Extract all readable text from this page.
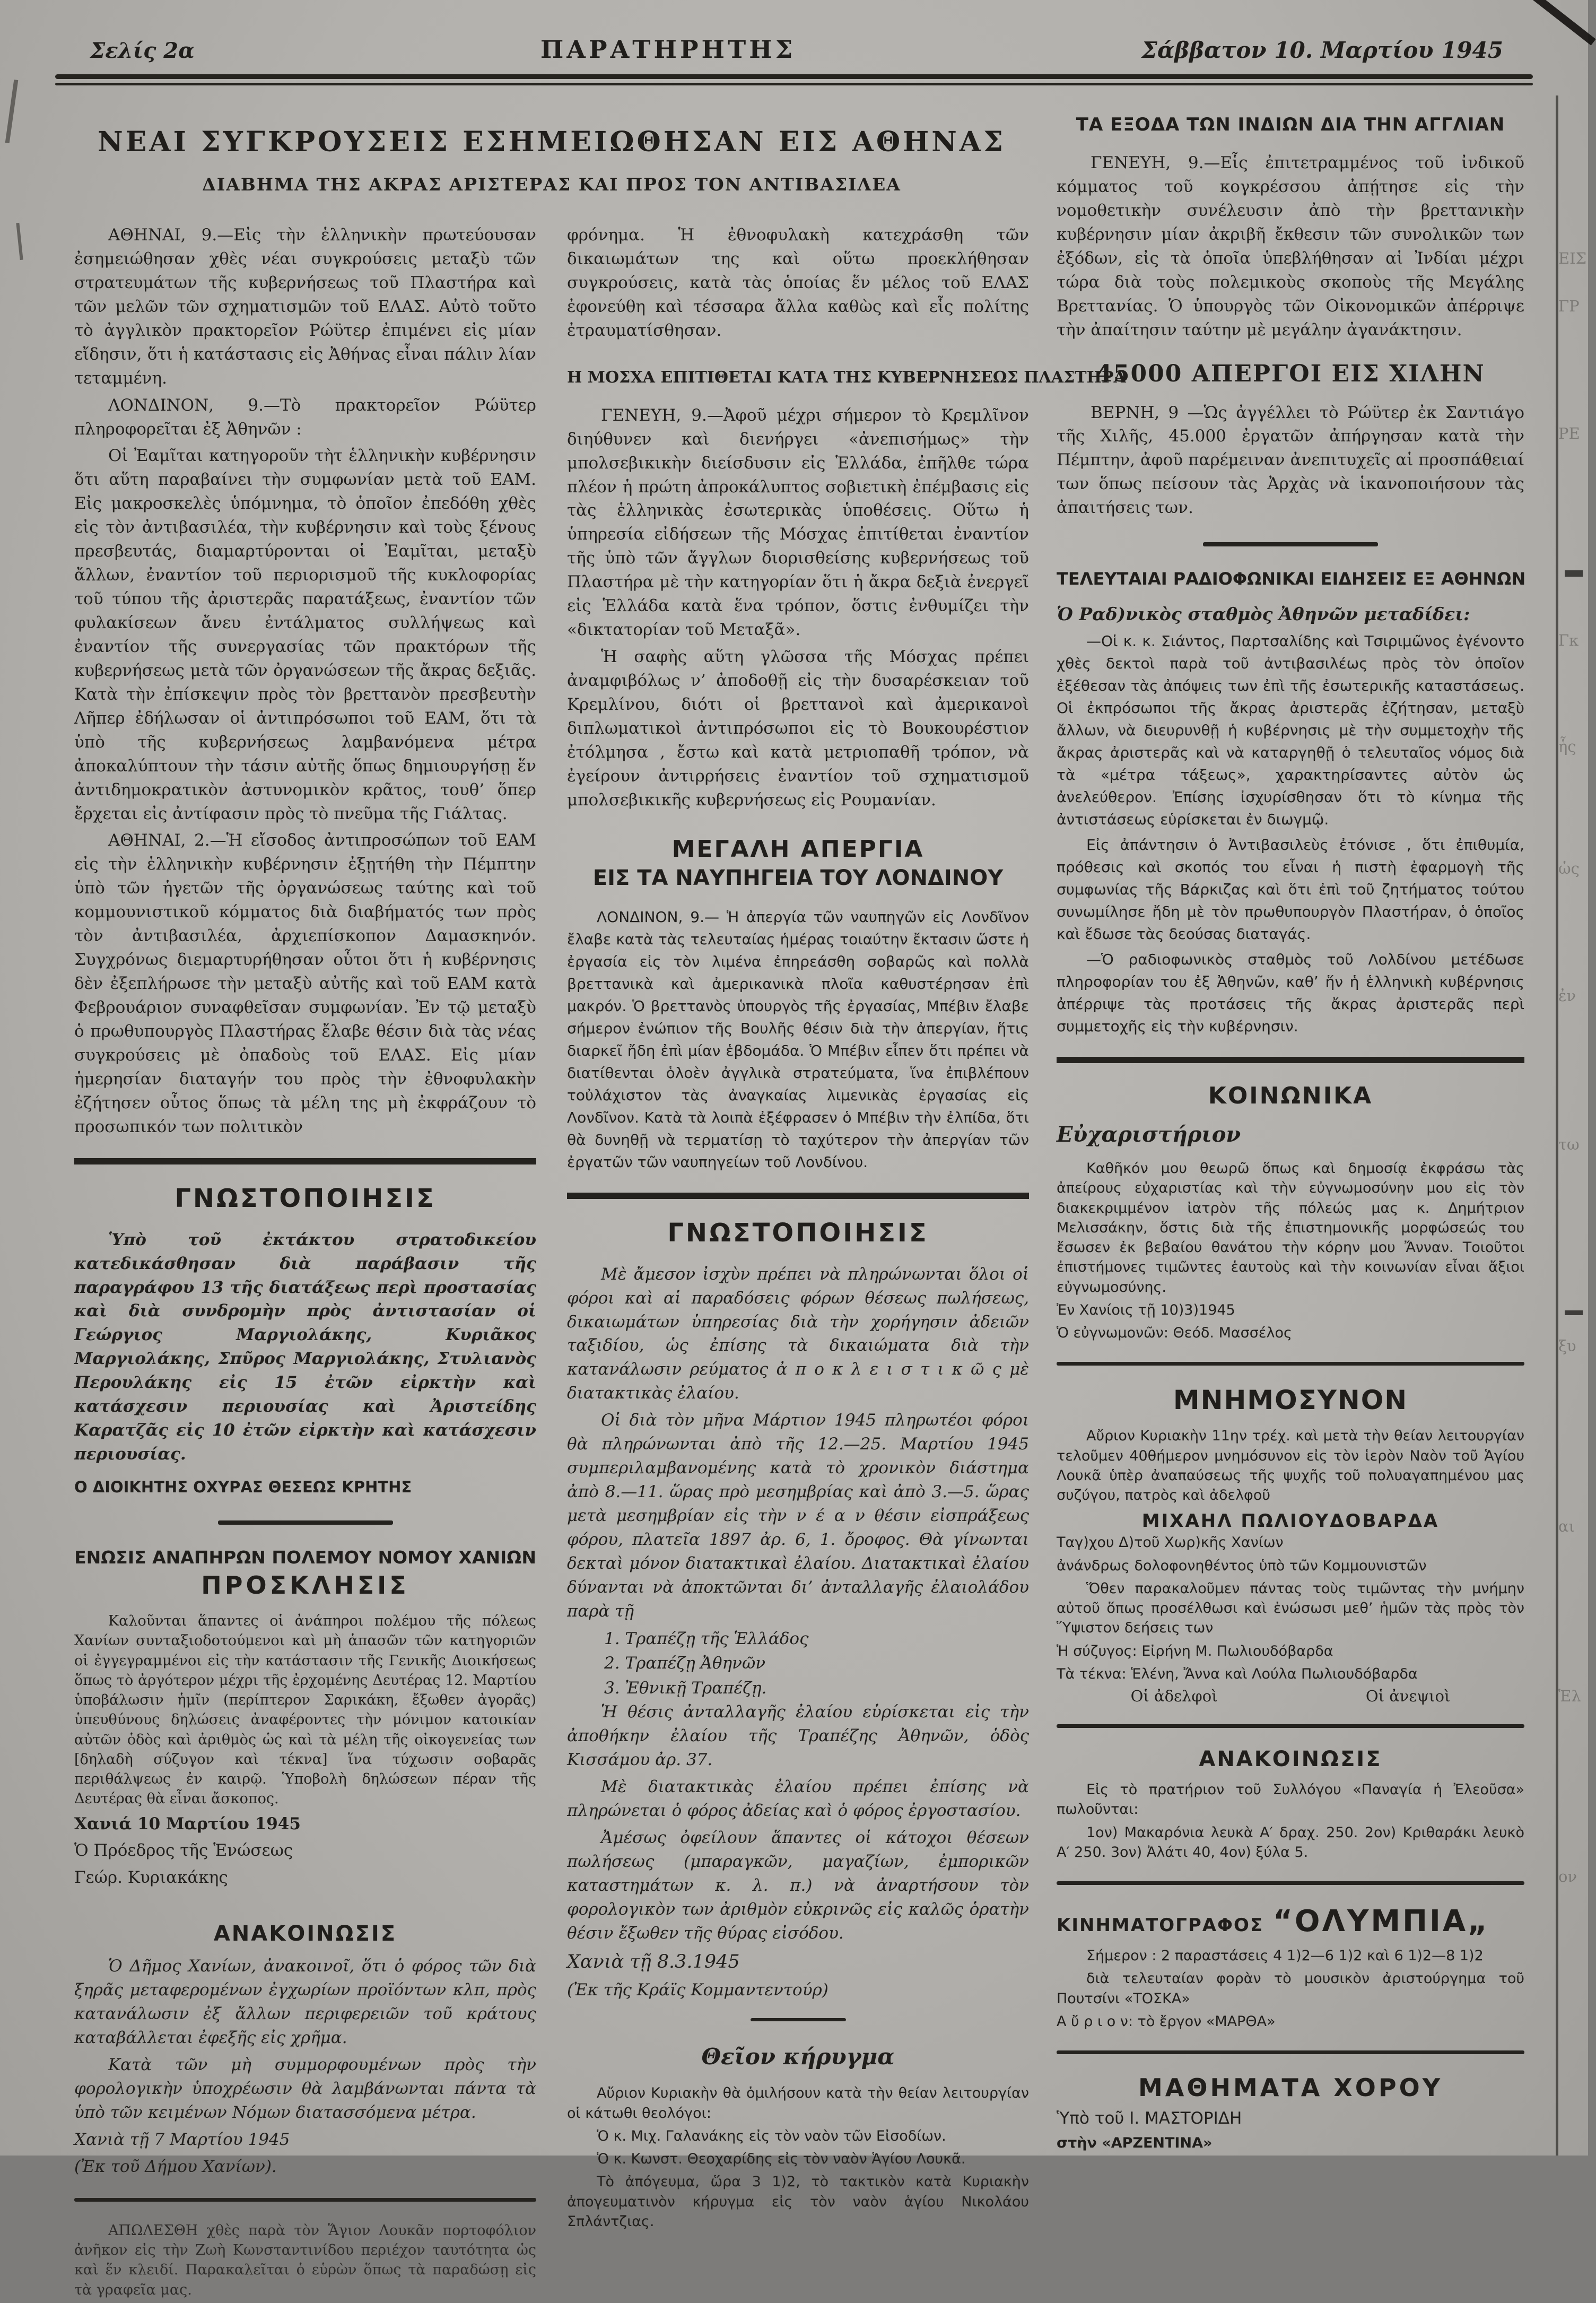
Σελίς 2α	ΠΑΡΑΤΗΡΗΤΗΣ	Σάββατον 10. Μαρτίου 1945
ΝΕΑΙ ΣΥΓΚΡΟΥΣΕΙΣ ΕΣΗΜΕΙΩΘΗΣΑΝ ΕΙΣ ΑΘΗΝΑΣ
ΔΙΑΒΗΜΑ ΤΗΣ ΑΚΡΑΣ ΑΡΙΣΤΕΡΑΣ ΚΑΙ ΠΡΟΣ ΤΟΝ ΑΝΤΙΒΑΣΙΛΕΑ

ΑΘΗΝΑΙ, 9.—Εἰς τὴν ἑλληνικὴν πρωτεύουσαν ἐσημειώθησαν χθὲς νέαι συγκρούσεις μεταξὺ τῶν στρατευμάτων τῆς κυβερνήσεως τοῦ Πλαστήρα καὶ τῶν μελῶν τῶν σχηματισμῶν τοῦ ΕΛΑΣ. Αὐτὸ τοῦτο τὸ ἀγγλικὸν πρακτορεῖον Ρώϋτερ ἐπιμένει εἰς μίαν εἴδησιν, ὅτι ἡ κατάστασις εἰς Ἀθήνας εἶναι πάλιν λίαν τεταμμένη.

ΛΟΝΔΙΝΟΝ, 9.—Τὸ πρακτορεῖον Ρώϋτερ πληροφορεῖται ἐξ Ἀθηνῶν :

Οἱ Ἐαμῖται κατηγοροῦν τὴτ ἑλληνικὴν κυβέρνησιν ὅτι αὕτη παραβαίνει τὴν συμφωνίαν μετὰ τοῦ ΕΑΜ. Εἰς μακροσκελὲς ὑπόμνημα, τὸ ὁποῖον ἐπεδόθη χθὲς εἰς τὸν ἀντιβασιλέα, τὴν κυβέρνησιν καὶ τοὺς ξένους πρεσβευτάς, διαμαρτύρονται οἱ Ἐαμῖται, μεταξὺ ἄλλων, ἐναντίον τοῦ περιορισμοῦ τῆς κυκλοφορίας τοῦ τύπου τῆς ἀριστερᾶς παρατάξεως, ἐναντίον τῶν φυλακίσεων ἄνευ ἐντάλματος συλλήψεως καὶ ἐναντίον τῆς συνεργασίας τῶν πρακτόρων τῆς κυβερνήσεως μετὰ τῶν ὀργανώσεων τῆς ἄκρας δεξιᾶς. Κατὰ τὴν ἐπίσκεψιν πρὸς τὸν βρεττανὸν πρεσβευτὴν Λῆπερ ἐδήλωσαν οἱ ἀντιπρόσωποι τοῦ ΕΑΜ, ὅτι τὰ ὑπὸ τῆς κυβερνήσεως λαμβανόμενα μέτρα ἀποκαλύπτουν τὴν τάσιν αὐτῆς ὅπως δημιουργήσῃ ἕν ἀντιδημοκρατικὸν ἀστυνομικὸν κρᾶτος, τουθ’ ὅπερ ἔρχεται εἰς ἀντίφασιν πρὸς τὸ πνεῦμα τῆς Γιάλτας.

ΑΘΗΝΑΙ, 2.—Ἡ εἴσοδος ἀντιπροσώπων τοῦ ΕΑΜ εἰς τὴν ἑλληνικὴν κυβέρνησιν ἐξῃτήθη τὴν Πέμπτην ὑπὸ τῶν ἡγετῶν τῆς ὀργανώσεως ταύτης καὶ τοῦ κομμουνιστικοῦ κόμματος διὰ διαβήματός των πρὸς τὸν ἀντιβασιλέα, ἀρχιεπίσκοπον Δαμασκηνόν. Συγχρόνως διεμαρτυρήθησαν οὗτοι ὅτι ἡ κυβέρνησις δὲν ἐξεπλήρωσε τὴν μεταξὺ αὐτῆς καὶ τοῦ ΕΑΜ κατὰ Φεβρουάριον συναφθεῖσαν συμφωνίαν. Ἐν τῷ μεταξὺ ὁ πρωθυπουργὸς Πλαστήρας ἔλαβε θέσιν διὰ τὰς νέας συγκρούσεις μὲ ὀπαδοὺς τοῦ ΕΛΑΣ. Εἰς μίαν ἡμερησίαν διαταγήν του πρὸς τὴν ἐθνοφυλακὴν ἐζήτησεν οὗτος ὅπως τὰ μέλη της μὴ ἐκφράζουν τὸ προσωπικόν των πολιτικὸν

ΓΝΩΣΤΟΠΟΙΗΣΙΣ

Ὑπὸ τοῦ ἐκτάκτου στρατοδικείου κατεδικάσθησαν διὰ παράβασιν τῆς παραγράφου 13 τῆς διατάξεως περὶ προστασίας καὶ διὰ συνδρομὴν πρὸς ἀντιστασίαν οἱ Γεώργιος Μαργιολάκης, Κυριᾶκος Μαργιολάκης, Σπῦρος Μαργιολάκης, Στυλιανὸς Περουλάκης εἰς 15 ἐτῶν εἰρκτὴν καὶ κατάσχεσιν περιουσίας καὶ Ἀριστείδης Καρατζᾶς εἰς 10 ἐτῶν εἰρκτὴν καὶ κατάσχεσιν περιουσίας.

Ο ΔΙΟΙΚΗΤΗΣ ΟΧΥΡΑΣ ΘΕΣΕΩΣ ΚΡΗΤΗΣ

ΕΝΩΣΙΣ ΑΝΑΠΗΡΩΝ ΠΟΛΕΜΟΥ ΝΟΜΟΥ ΧΑΝΙΩΝ
ΠΡΟΣΚΛΗΣΙΣ

Καλοῦνται ἅπαντες οἱ ἀνάπηροι πολέμου τῆς πόλεως Χανίων συνταξιοδοτούμενοι καὶ μὴ ἁπασῶν τῶν κατηγοριῶν οἱ ἐγγεγραμμένοι εἰς τὴν κατάστασιν τῆς Γενικῆς Διοικήσεως ὅπως τὸ ἀργότερον μέχρι τῆς ἐρχομένης Δευτέρας 12. Μαρτίου ὑποβάλωσιν ἡμῖν (περίπτερον Σαρικάκη, ἔξωθεν ἀγορᾶς) ὑπευθύνους δηλώσεις ἀναφέροντες τὴν μόνιμον κατοικίαν αὐτῶν ὁδὸς καὶ ἀριθμὸς ὡς καὶ τὰ μέλη τῆς οἰκογενείας των [δηλαδὴ σύζυγον καὶ τέκνα] ἵνα τύχωσιν σοβαρᾶς περιθάλψεως ἐν καιρῷ. Ὑποβολὴ δηλώσεων πέραν τῆς Δευτέρας θὰ εἶναι ἄσκοπος.

Χανιά 10 Μαρτίου 1945

Ὁ Πρόεδρος τῆς Ἑνώσεως

Γεώρ. Κυριακάκης

ΑΝΑΚΟΙΝΩΣΙΣ

Ὁ Δῆμος Χανίων, ἀνακοινοῖ, ὅτι ὁ φόρος τῶν διὰ ξηρᾶς μεταφερομένων ἐγχωρίων προϊόντων κλπ, πρὸς κατανάλωσιν ἐξ ἄλλων περιφερειῶν τοῦ κράτους καταβάλλεται ἐφεξῆς εἰς χρῆμα.

Κατὰ τῶν μὴ συμμορφουμένων πρὸς τὴν φορολογικὴν ὑποχρέωσιν θὰ λαμβάνωνται πάντα τὰ ὑπὸ τῶν κειμένων Νόμων διατασσόμενα μέτρα.

Χανιὰ τῇ 7 Μαρτίου 1945

(Ἐκ τοῦ Δήμου Χανίων).

ΑΠΩΛΕΣΘΗ χθὲς παρὰ τὸν Ἅγιον Λουκᾶν πορτοφόλιον ἀνῆκον εἰς τὴν Ζωὴ Κωνσταντινίδου περιέχον ταυτότητα ὡς καὶ ἕν κλειδί. Παρακαλεῖται ὁ εὑρὼν ὅπως τὰ παραδώσῃ εἰς τὰ γραφεῖα μας.

φρόνημα. Ἡ ἐθνοφυλακὴ κατεχράσθη τῶν δικαιωμάτων της καὶ οὕτω προεκλήθησαν συγκρούσεις, κατὰ τὰς ὁποίας ἕν μέλος τοῦ ΕΛΑΣ ἐφονεύθη καὶ τέσσαρα ἄλλα καθὼς καὶ εἷς πολίτης ἐτραυματίσθησαν.

Η ΜΟΣΧΑ ΕΠΙΤΙΘΕΤΑΙ ΚΑΤΑ ΤΗΣ ΚΥΒΕΡΝΗΣΕΩΣ ΠΛΑΣΤΗΡΑ

ΓΕΝΕΥΗ, 9.—Ἀφοῦ μέχρι σήμερον τὸ Κρεμλῖνον διηύθυνεν καὶ διενήργει «ἀνεπισήμως» τὴν μπολσεβικικὴν διείσδυσιν εἰς Ἑλλάδα, ἐπῆλθε τώρα πλέον ἡ πρώτη ἀπροκάλυπτος σοβιετικὴ ἐπέμβασις εἰς τὰς ἑλληνικὰς ἐσωτερικὰς ὑποθέσεις. Οὕτω ἡ ὑπηρεσία εἰδήσεων τῆς Μόσχας ἐπιτίθεται ἐναντίον τῆς ὑπὸ τῶν ἄγγλων διορισθείσης κυβερνήσεως τοῦ Πλαστήρα μὲ τὴν κατηγορίαν ὅτι ἡ ἄκρα δεξιὰ ἐνεργεῖ εἰς Ἑλλάδα κατὰ ἕνα τρόπον, ὅστις ἐνθυμίζει τὴν «δικτατορίαν τοῦ Μεταξᾶ».

Ἡ σαφὴς αὕτη γλῶσσα τῆς Μόσχας πρέπει ἀναμφιβόλως ν’ ἀποδοθῇ εἰς τὴν δυσαρέσκειαν τοῦ Κρεμλίνου, διότι οἱ βρεττανοὶ καὶ ἀμερικανοὶ διπλωματικοὶ ἀντιπρόσωποι εἰς τὸ Βουκουρέστιον ἐτόλμησα , ἔστω καὶ κατὰ μετριοπαθῆ τρόπον, νὰ ἐγείρουν ἀντιρρήσεις ἐναντίον τοῦ σχηματισμοῦ μπολσεβικικῆς κυβερνήσεως εἰς Ρουμανίαν.

ΜΕΓΑΛΗ ΑΠΕΡΓΙΑ
ΕΙΣ ΤΑ ΝΑΥΠΗΓΕΙΑ ΤΟΥ ΛΟΝΔΙΝΟΥ

ΛΟΝΔΙΝΟΝ, 9.— Ἡ ἀπεργία τῶν ναυπηγῶν εἰς Λονδῖνον ἔλαβε κατὰ τὰς τελευταίας ἡμέρας τοιαύτην ἔκτασιν ὥστε ἡ ἐργασία εἰς τὸν λιμένα ἐπηρεάσθη σοβαρῶς καὶ πολλὰ βρεττανικὰ καὶ ἀμερικανικὰ πλοῖα καθυστέρησαν ἐπὶ μακρόν. Ὁ βρεττανὸς ὑπουργὸς τῆς ἐργασίας, Μπέβιν ἔλαβε σήμερον ἐνώπιον τῆς Βουλῆς θέσιν διὰ τὴν ἀπεργίαν, ἥτις διαρκεῖ ἤδη ἐπὶ μίαν ἑβδομάδα. Ὁ Μπέβιν εἶπεν ὅτι πρέπει νὰ διατίθενται ὁλοὲν ἀγγλικὰ στρατεύματα, ἵνα ἐπιβλέπουν τοὐλάχιστον τὰς ἀναγκαίας λιμενικὰς ἐργασίας εἰς Λονδῖνον. Κατὰ τὰ λοιπὰ ἐξέφρασεν ὁ Μπέβιν τὴν ἐλπίδα, ὅτι θὰ δυνηθῇ νὰ τερματίσῃ τὸ ταχύτερον τὴν ἀπεργίαν τῶν ἐργατῶν τῶν ναυπηγείων τοῦ Λονδίνου.

ΓΝΩΣΤΟΠΟΙΗΣΙΣ

Μὲ ἄμεσον ἰσχὺν πρέπει νὰ πληρώνωνται ὅλοι οἱ φόροι καὶ αἱ παραδόσεις φόρων θέσεως πωλήσεως, δικαιωμάτων ὑπηρεσίας διὰ τὴν χορήγησιν ἀδειῶν ταξιδίου, ὡς ἐπίσης τὰ δικαιώματα διὰ τὴν κατανάλωσιν ρεύματος ἀ π ο κ λ ε ι σ τ ι κ ῶ ς μὲ διατακτικὰς ἐλαίου.

Οἱ διὰ τὸν μῆνα Μάρτιον 1945 πληρωτέοι φόροι θὰ πληρώνωνται ἀπὸ τῆς 12.—25. Μαρτίου 1945 συμπεριλαμβανομένης κατὰ τὸ χρονικὸν διάστημα ἀπὸ 8.—11. ὥρας πρὸ μεσημβρίας καὶ ἀπὸ 3.—5. ὥρας μετὰ μεσημβρίαν εἰς τὴν ν έ α ν θέσιν εἰσπράξεως φόρου, πλατεῖα 1897 ἀρ. 6, 1. ὄροφος. Θὰ γίνωνται δεκταὶ μόνον διατακτικαὶ ἐλαίου. Διατακτικαὶ ἐλαίου δύνανται νὰ ἀποκτῶνται δι’ ἀνταλλαγῆς ἐλαιολάδου παρὰ τῇ

1. Τραπέζῃ τῆς Ἑλλάδος

2. Τραπέζῃ Ἀθηνῶν

3. Ἐθνικῇ Τραπέζῃ.

Ἡ θέσις ἀνταλλαγῆς ἐλαίου εὑρίσκεται εἰς τὴν ἀποθήκην ἐλαίου τῆς Τραπέζης Ἀθηνῶν, ὁδὸς Κισσάμου ἀρ. 37.

Μὲ διατακτικὰς ἐλαίου πρέπει ἐπίσης νὰ πληρώνεται ὁ φόρος ἀδείας καὶ ὁ φόρος ἐργοστασίου.

Ἀμέσως ὀφείλουν ἅπαντες οἱ κάτοχοι θέσεων πωλήσεως (μπαραγκῶν, μαγαζίων, ἐμπορικῶν καταστημάτων κ. λ. π.) νὰ ἀναρτήσουν τὸν φορολογικὸν των ἀριθμὸν εὐκρινῶς εἰς καλῶς ὁρατὴν θέσιν ἔξωθεν τῆς θύρας εἰσόδου.

Χανιὰ τῇ 8.3.1945

(Ἐκ τῆς Κράϊς Κομμαντεντούρ)

Θεῖον κήρυγμα

Αὔριον Κυριακὴν θὰ ὁμιλήσουν κατὰ τὴν θείαν λειτουργίαν οἱ κάτωθι θεολόγοι:

Ὁ κ. Μιχ. Γαλανάκης εἰς τὸν ναὸν τῶν Εἰσοδίων.

Ὁ κ. Κωνστ. Θεοχαρίδης εἰς τὸν ναὸν Ἁγίου Λουκᾶ.

Τὸ ἀπόγευμα, ὥρα 3 1)2, τὸ τακτικὸν κατὰ Κυριακὴν ἀπογευματινὸν κήρυγμα εἰς τὸν ναὸν ἁγίου Νικολάου Σπλάντζιας.

ΤΑ ΕΞΟΔΑ ΤΩΝ ΙΝΔΙΩΝ ΔΙΑ ΤΗΝ ΑΓΓΛΙΑΝ

ΓΕΝΕΥΗ, 9.—Εἷς ἐπιτετραμμένος τοῦ ἰνδικοῦ κόμματος τοῦ κογκρέσσου ἀπῄτησε εἰς τὴν νομοθετικὴν συνέλευσιν ἀπὸ τὴν βρεττανικὴν κυβέρνησιν μίαν ἀκριβῆ ἔκθεσιν τῶν συνολικῶν των ἐξόδων, εἰς τὰ ὁποῖα ὑπεβλήθησαν αἱ Ἰνδίαι μέχρι τώρα διὰ τοὺς πολεμικοὺς σκοποὺς τῆς Μεγάλης Βρεττανίας. Ὁ ὑπουργὸς τῶν Οἰκονομικῶν ἀπέρριψε τὴν ἀπαίτησιν ταύτην μὲ μεγάλην ἀγανάκτησιν.

45000 ΑΠΕΡΓΟΙ ΕΙΣ ΧΙΛΗΝ

ΒΕΡΝΗ, 9 —Ὡς ἀγγέλλει τὸ Ρώϋτερ ἐκ Σαντιάγο τῆς Χιλῆς, 45.000 ἐργατῶν ἀπήργησαν κατὰ τὴν Πέμπτην, ἀφοῦ παρέμειναν ἀνεπιτυχεῖς αἱ προσπάθειαί των ὅπως πείσουν τὰς Ἀρχὰς νὰ ἱκανοποιήσουν τὰς ἀπαιτήσεις των.

ΤΕΛΕΥΤΑΙΑΙ ΡΑΔΙΟΦΩΝΙΚΑΙ ΕΙΔΗΣΕΙΣ ΕΞ ΑΘΗΝΩΝ

Ὁ Ραδ)νικὸς σταθμὸς Ἀθηνῶν μεταδίδει:

—Οἱ κ. κ. Σιάντος, Παρτσαλίδης καὶ Τσιριμῶνος ἐγένοντο χθὲς δεκτοὶ παρὰ τοῦ ἀντιβασιλέως πρὸς τὸν ὁποῖον ἐξέθεσαν τὰς ἀπόψεις των ἐπὶ τῆς ἐσωτερικῆς καταστάσεως. Οἱ ἐκπρόσωποι τῆς ἄκρας ἀριστερᾶς ἐζήτησαν, μεταξὺ ἄλλων, νὰ διευρυνθῇ ἡ κυβέρνησις μὲ τὴν συμμετοχὴν τῆς ἄκρας ἀριστερᾶς καὶ νὰ καταργηθῇ ὁ τελευταῖος νόμος διὰ τὰ «μέτρα τάξεως», χαρακτηρίσαντες αὐτὸν ὡς ἀνελεύθερον. Ἐπίσης ἰσχυρίσθησαν ὅτι τὸ κίνημα τῆς ἀντιστάσεως εὑρίσκεται ἐν διωγμῷ.

Εἰς ἀπάντησιν ὁ Ἀντιβασιλεὺς ἐτόνισε , ὅτι ἐπιθυμία, πρόθεσις καὶ σκοπός του εἶναι ἡ πιστὴ ἐφαρμογὴ τῆς συμφωνίας τῆς Βάρκιζας καὶ ὅτι ἐπὶ τοῦ ζητήματος τούτου συνωμίλησε ἤδη μὲ τὸν πρωθυπουργὸν Πλαστήραν, ὁ ὁποῖος καὶ ἔδωσε τὰς δεούσας διαταγάς.

—Ὁ ραδιοφωνικὸς σταθμὸς τοῦ Λολδίνου μετέδωσε πληροφορίαν του ἐξ Ἀθηνῶν, καθ’ ἥν ἡ ἑλληνικὴ κυβέρνησις ἀπέρριψε τὰς προτάσεις τῆς ἄκρας ἀριστερᾶς περὶ συμμετοχῆς εἰς τὴν κυβέρνησιν.

ΚΟΙΝΩΝΙΚΑ
Εὐχαριστήριον

Καθῆκόν μου θεωρῶ ὅπως καὶ δημοσίᾳ ἐκφράσω τὰς ἀπείρους εὐχαριστίας καὶ τὴν εὐγνωμοσύνην μου εἰς τὸν διακεκριμμένον ἰατρὸν τῆς πόλεώς μας κ. Δημήτριον Μελισσάκην, ὅστις διὰ τῆς ἐπιστημονικῆς μορφώσεώς του ἔσωσεν ἐκ βεβαίου θανάτου τὴν κόρην μου Ἄνναν. Τοιοῦτοι ἐπιστήμονες τιμῶντες ἑαυτοὺς καὶ τὴν κοινωνίαν εἶναι ἄξιοι εὐγνωμοσύνης.

Ἐν Χανίοις τῇ 10)3)1945

Ὁ εὐγνωμονῶν: Θεόδ. Μασσέλος

ΜΝΗΜΟΣΥΝΟΝ

Αὔριον Κυριακὴν 11ην τρέχ. καὶ μετὰ τὴν θείαν λειτουργίαν τελοῦμεν 40θήμερον μνημόσυνον εἰς τὸν ἱερὸν Ναὸν τοῦ Ἁγίου Λουκᾶ ὑπὲρ ἀναπαύσεως τῆς ψυχῆς τοῦ πολυαγαπημένου μας συζύγου, πατρὸς καὶ ἀδελφοῦ

ΜΙΧΑΗΛ ΠΩΛΙΟΥΔΟΒΑΡΔΑ

Ταγ)χου Δ)τοῦ Χωρ)κῆς Χανίων

ἀνάνδρως δολοφονηθέντος ὑπὸ τῶν Κομμουνιστῶν

Ὅθεν παρακαλοῦμεν πάντας τοὺς τιμῶντας τὴν μνήμην αὐτοῦ ὅπως προσέλθωσι καὶ ἑνώσωσι μεθ’ ἡμῶν τὰς πρὸς τὸν Ὕψιστον δεήσεις των

Ἡ σύζυγος: Εἰρήνη Μ. Πωλιουδόβαρδα

Τὰ τέκνα: Ἑλένη, Ἄννα καὶ Λούλα Πωλιουδόβαρδα

Οἱ ἀδελφοὶ	Οἱ ἀνεψιοὶ
ΑΝΑΚΟΙΝΩΣΙΣ

Εἰς τὸ πρατήριον τοῦ Συλλόγου «Παναγία ἡ Ἐλεοῦσα» πωλοῦνται:

1ον) Μακαρόνια λευκὰ Α′ δραχ. 250. 2ον) Κριθαράκι λευκὸ Α′ 250. 3ον) Ἀλάτι 40, 4ον) ξύλα 5.

ΚΙΝΗΜΑΤΟΓΡΑΦΟΣ “ΟΛΥΜΠΙΑ„

Σήμερον : 2 παραστάσεις 4 1)2—6 1)2 καὶ 6 1)2—8 1)2

διὰ τελευταίαν φορὰν τὸ μουσικὸν ἀριστούργημα τοῦ Πουτσίνι «ΤΟΣΚΑ»

Α ὔ ρ ι ο ν: τὸ ἔργον «ΜΑΡΘΑ»

ΜΑΘΗΜΑΤΑ ΧΟΡΟΥ

Ὑπὸ τοῦ Ι. ΜΑΣΤΟΡΙΔΗ

στὴν «ΑΡΖΕΝΤΙΝΑ»

ΕΙΣ
ΓΡ
ΡΕ
Γκ
ἧς
ὡς
ἐν
τω
ξυ
αι
Ἑλ
ον
